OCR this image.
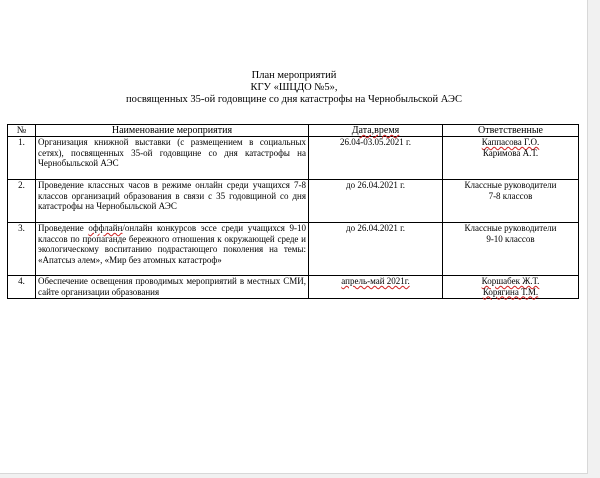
План мероприятий
КГУ «ШЦДО №5»,
посвященных 35-ой годовщине со дня катастрофы на Чернобыльской АЭС
№	Наименование мероприятия	Дата,время	Ответственные
1.	Организация книжной выставки (с размещением в социальных сетях), посвященных 35-ой годовщине со дня катастрофы на Чернобыльской АЭС	26.04-03.05.2021 г.	Каппасова Г.О.
Каримова А.Т.

2.	Проведение классных часов в режиме онлайн среди учащихся 7-8 классов организаций образования в связи с 35 годовщиной со дня катастрофы на Чернобыльской АЭС	до 26.04.2021 г.	Классные руководители
7-8 классов

3.	Проведение оффлайн/онлайн конкурсов эссе среди учащихся 9-10 классов по пропаганде бережного отношения к окружающей среде и экологическому воспитанию подрастающего поколения на темы: «Апатсыз әлем», «Мир без атомных катастроф»	до 26.04.2021 г.	Классные руководители
9-10 классов

4.	Обеспечение освещения проводимых мероприятий в местных СМИ, сайте организации образования	апрель-май 2021г.	Коршабек Ж.Т.
Корягина Т.М.
